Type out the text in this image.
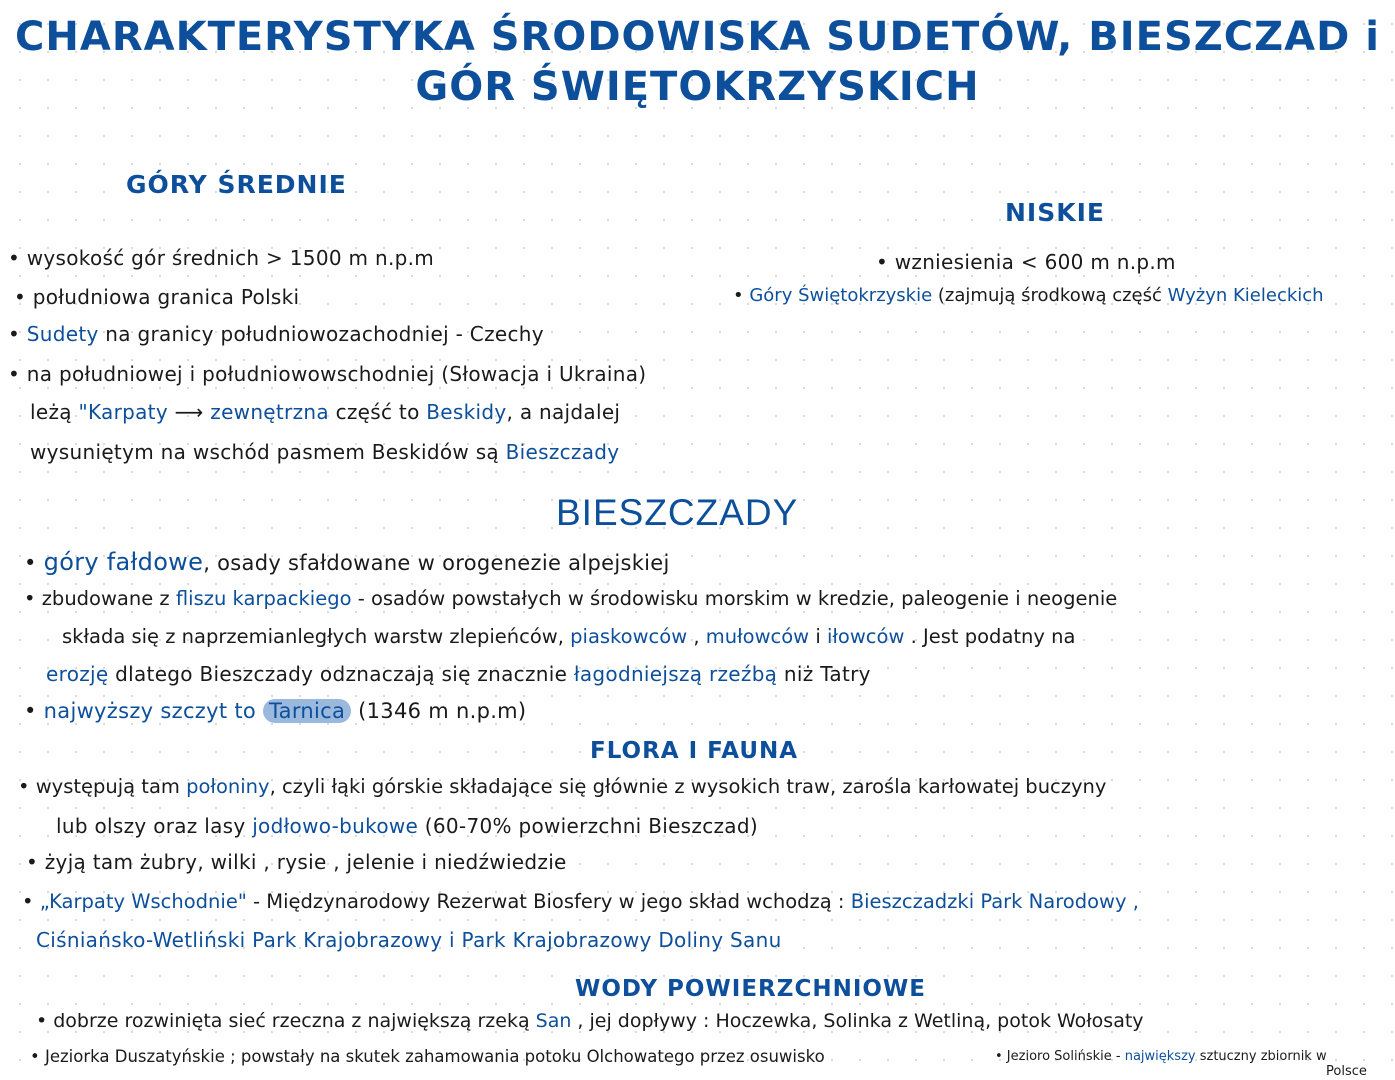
CHARAKTERYSTYKA ŚRODOWISKA SUDETÓW, BIESZCZAD i
GÓR ŚWIĘTOKRZYSKICH
GÓRY ŚREDNIE
• wysokość gór średnich > 1500 m n.p.m
• południowa granica Polski
• Sudety na granicy południowozachodniej - Czechy
• na południowej i południowowschodniej (Słowacja i Ukraina)
leżą "Karpaty ⟶ zewnętrzna część to Beskidy, a najdalej
wysuniętym na wschód pasmem Beskidów są Bieszczady
NISKIE
• wzniesienia < 600 m n.p.m
• Góry Świętokrzyskie (zajmują środkową część Wyżyn Kieleckich
BIESZCZADY
• góry fałdowe, osady sfałdowane w orogenezie alpejskiej
• zbudowane z fliszu karpackiego - osadów powstałych w środowisku morskim w kredzie, paleogenie i neogenie
składa się z naprzemianległych warstw zlepieńców, piaskowców , mułowców i iłowców . Jest podatny na
erozję dlatego Bieszczady odznaczają się znacznie łagodniejszą rzeźbą niż Tatry
• najwyższy szczyt to Tarnica (1346 m n.p.m)
FLORA I FAUNA
• występują tam połoniny, czyli łąki górskie składające się głównie z wysokich traw, zarośla karłowatej buczyny
lub olszy oraz lasy jodłowo-bukowe (60-70% powierzchni Bieszczad)
• żyją tam żubry, wilki , rysie , jelenie i niedźwiedzie
• „Karpaty Wschodnie" - Międzynarodowy Rezerwat Biosfery w jego skład wchodzą : Bieszczadzki Park Narodowy ,
Ciśniańsko-Wetliński Park Krajobrazowy i Park Krajobrazowy Doliny Sanu
WODY POWIERZCHNIOWE
• dobrze rozwinięta sieć rzeczna z największą rzeką San , jej dopływy : Hoczewka, Solinka z Wetliną, potok Wołosaty
• Jeziorka Duszatyńskie ; powstały na skutek zahamowania potoku Olchowatego przez osuwisko	• Jezioro Solińskie - największy sztuczny zbiornik w
Polsce
